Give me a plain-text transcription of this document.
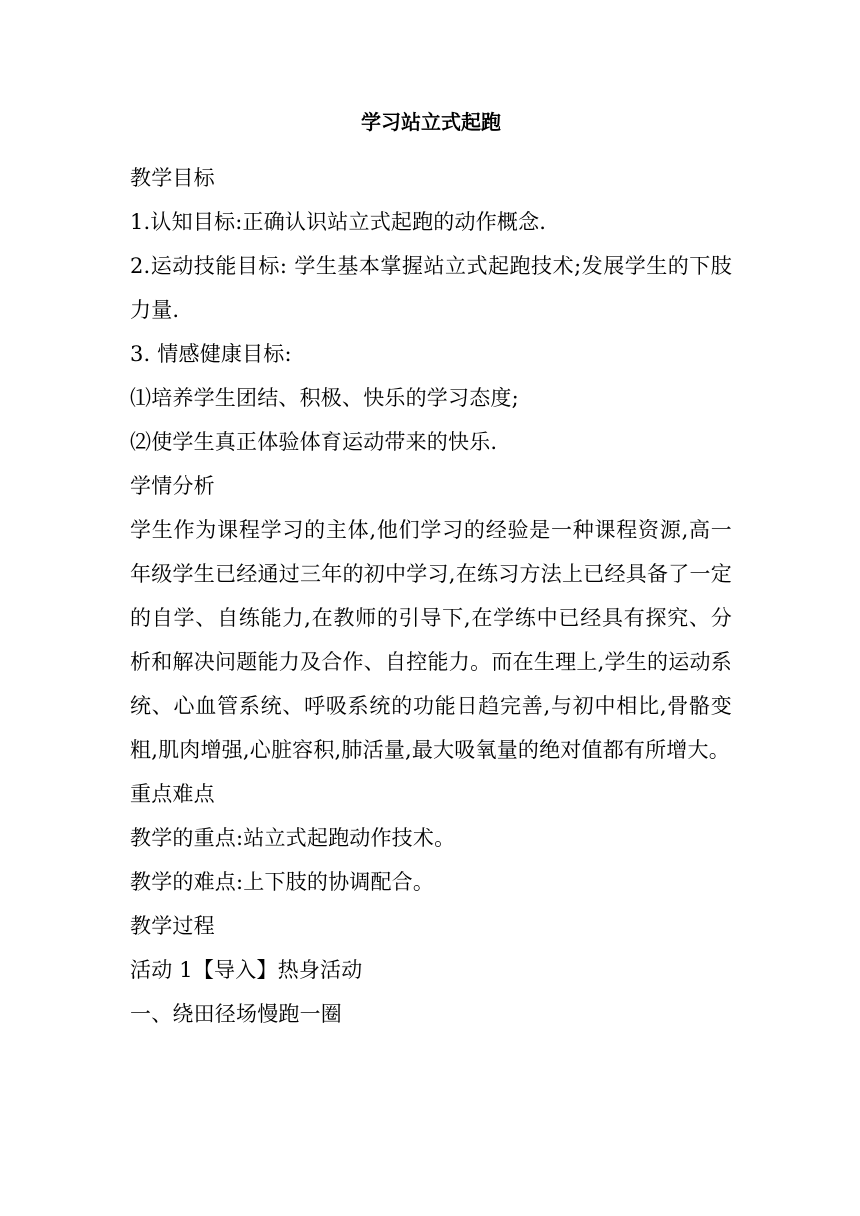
学习站立式起跑

教学目标

1.认知目标:正确认识站立式起跑的动作概念.

2.运动技能目标: 学生基本掌握站立式起跑技术;发展学生的下肢力量.

3. 情感健康目标:

⑴培养学生团结、积极、快乐的学习态度;

⑵使学生真正体验体育运动带来的快乐.

学情分析

学生作为课程学习的主体,他们学习的经验是一种课程资源,高一年级学生已经通过三年的初中学习,在练习方法上已经具备了一定的自学、自练能力,在教师的引导下,在学练中已经具有探究、分析和解决问题能力及合作、自控能力。而在生理上,学生的运动系统、心血管系统、呼吸系统的功能日趋完善,与初中相比,骨骼变粗,肌肉增强,心脏容积,肺活量,最大吸氧量的绝对值都有所增大。

重点难点

教学的重点:站立式起跑动作技术。

教学的难点:上下肢的协调配合。

教学过程

活动 1【导入】热身活动

一、绕田径场慢跑一圈
